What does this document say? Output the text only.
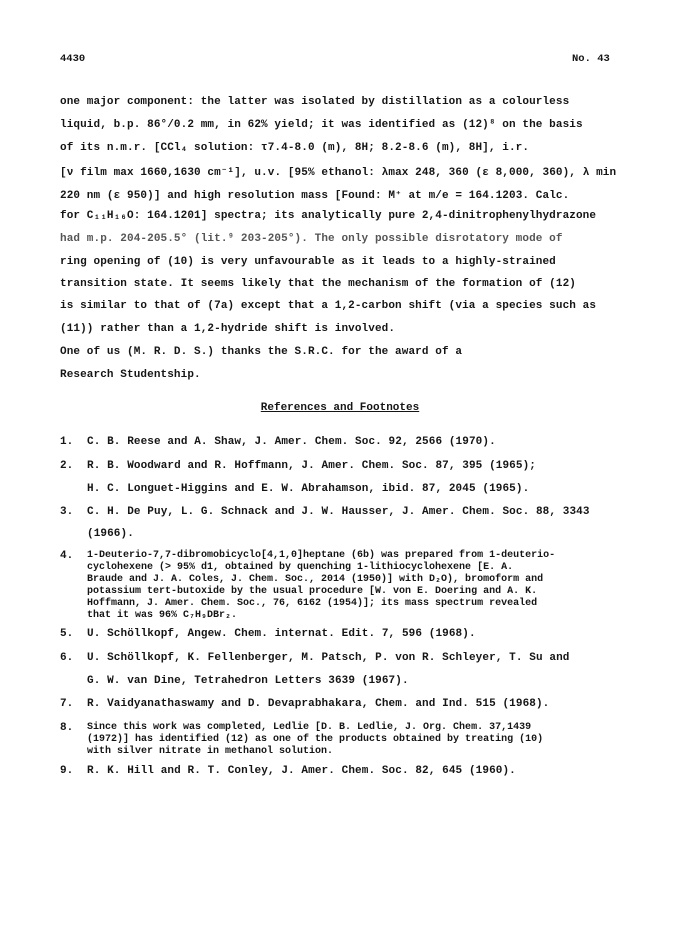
4430	No. 43
one major component: the latter was isolated by distillation as a colourless
liquid, b.p. 86°/0.2 mm, in 62% yield; it was identified as (12)⁸ on the basis
of its n.m.r. [CCl₄ solution: τ7.4-8.0 (m), 8H; 8.2-8.6 (m), 8H], i.r.
[ν film max 1660,1630 cm⁻¹], u.v. [95% ethanol: λmax 248, 360 (ε 8,000, 360), λ min
220 nm (ε 950)] and high resolution mass [Found: M⁺ at m/e = 164.1203. Calc.
for C₁₁H₁₆O: 164.1201] spectra; its analytically pure 2,4-dinitrophenylhydrazone
had m.p. 204-205.5° (lit.⁹ 203-205°). The only possible disrotatory mode of
ring opening of (10) is very unfavourable as it leads to a highly-strained
transition state. It seems likely that the mechanism of the formation of (12)
is similar to that of (7a) except that a 1,2-carbon shift (via a species such as
(11)) rather than a 1,2-hydride shift is involved.
One of us (M. R. D. S.) thanks the S.R.C. for the award of a
Research Studentship.
References and Footnotes
1. C. B. Reese and A. Shaw, J. Amer. Chem. Soc. 92, 2566 (1970).
2. R. B. Woodward and R. Hoffmann, J. Amer. Chem. Soc. 87, 395 (1965);
H. C. Longuet-Higgins and E. W. Abrahamson, ibid. 87, 2045 (1965).
3. C. H. De Puy, L. G. Schnack and J. W. Hausser, J. Amer. Chem. Soc. 88, 3343
(1966).
4. 1-Deuterio-7,7-dibromobicyclo[4,1,0]heptane (6b) was prepared from 1-deuterio-
cyclohexene (> 95% d1, obtained by quenching 1-lithiocyclohexene [E. A.
Braude and J. A. Coles, J. Chem. Soc., 2014 (1950)] with D₂O), bromoform and
potassium tert-butoxide by the usual procedure [W. von E. Doering and A. K.
Hoffmann, J. Amer. Chem. Soc., 76, 6162 (1954)]; its mass spectrum revealed
that it was 96% C₇H₉DBr₂.
5. U. Schöllkopf, Angew. Chem. internat. Edit. 7, 596 (1968).
6. U. Schöllkopf, K. Fellenberger, M. Patsch, P. von R. Schleyer, T. Su and
G. W. van Dine, Tetrahedron Letters 3639 (1967).
7. R. Vaidyanathaswamy and D. Devaprabhakara, Chem. and Ind. 515 (1968).
8. Since this work was completed, Ledlie [D. B. Ledlie, J. Org. Chem. 37,1439
(1972)] has identified (12) as one of the products obtained by treating (10)
with silver nitrate in methanol solution.
9. R. K. Hill and R. T. Conley, J. Amer. Chem. Soc. 82, 645 (1960).
